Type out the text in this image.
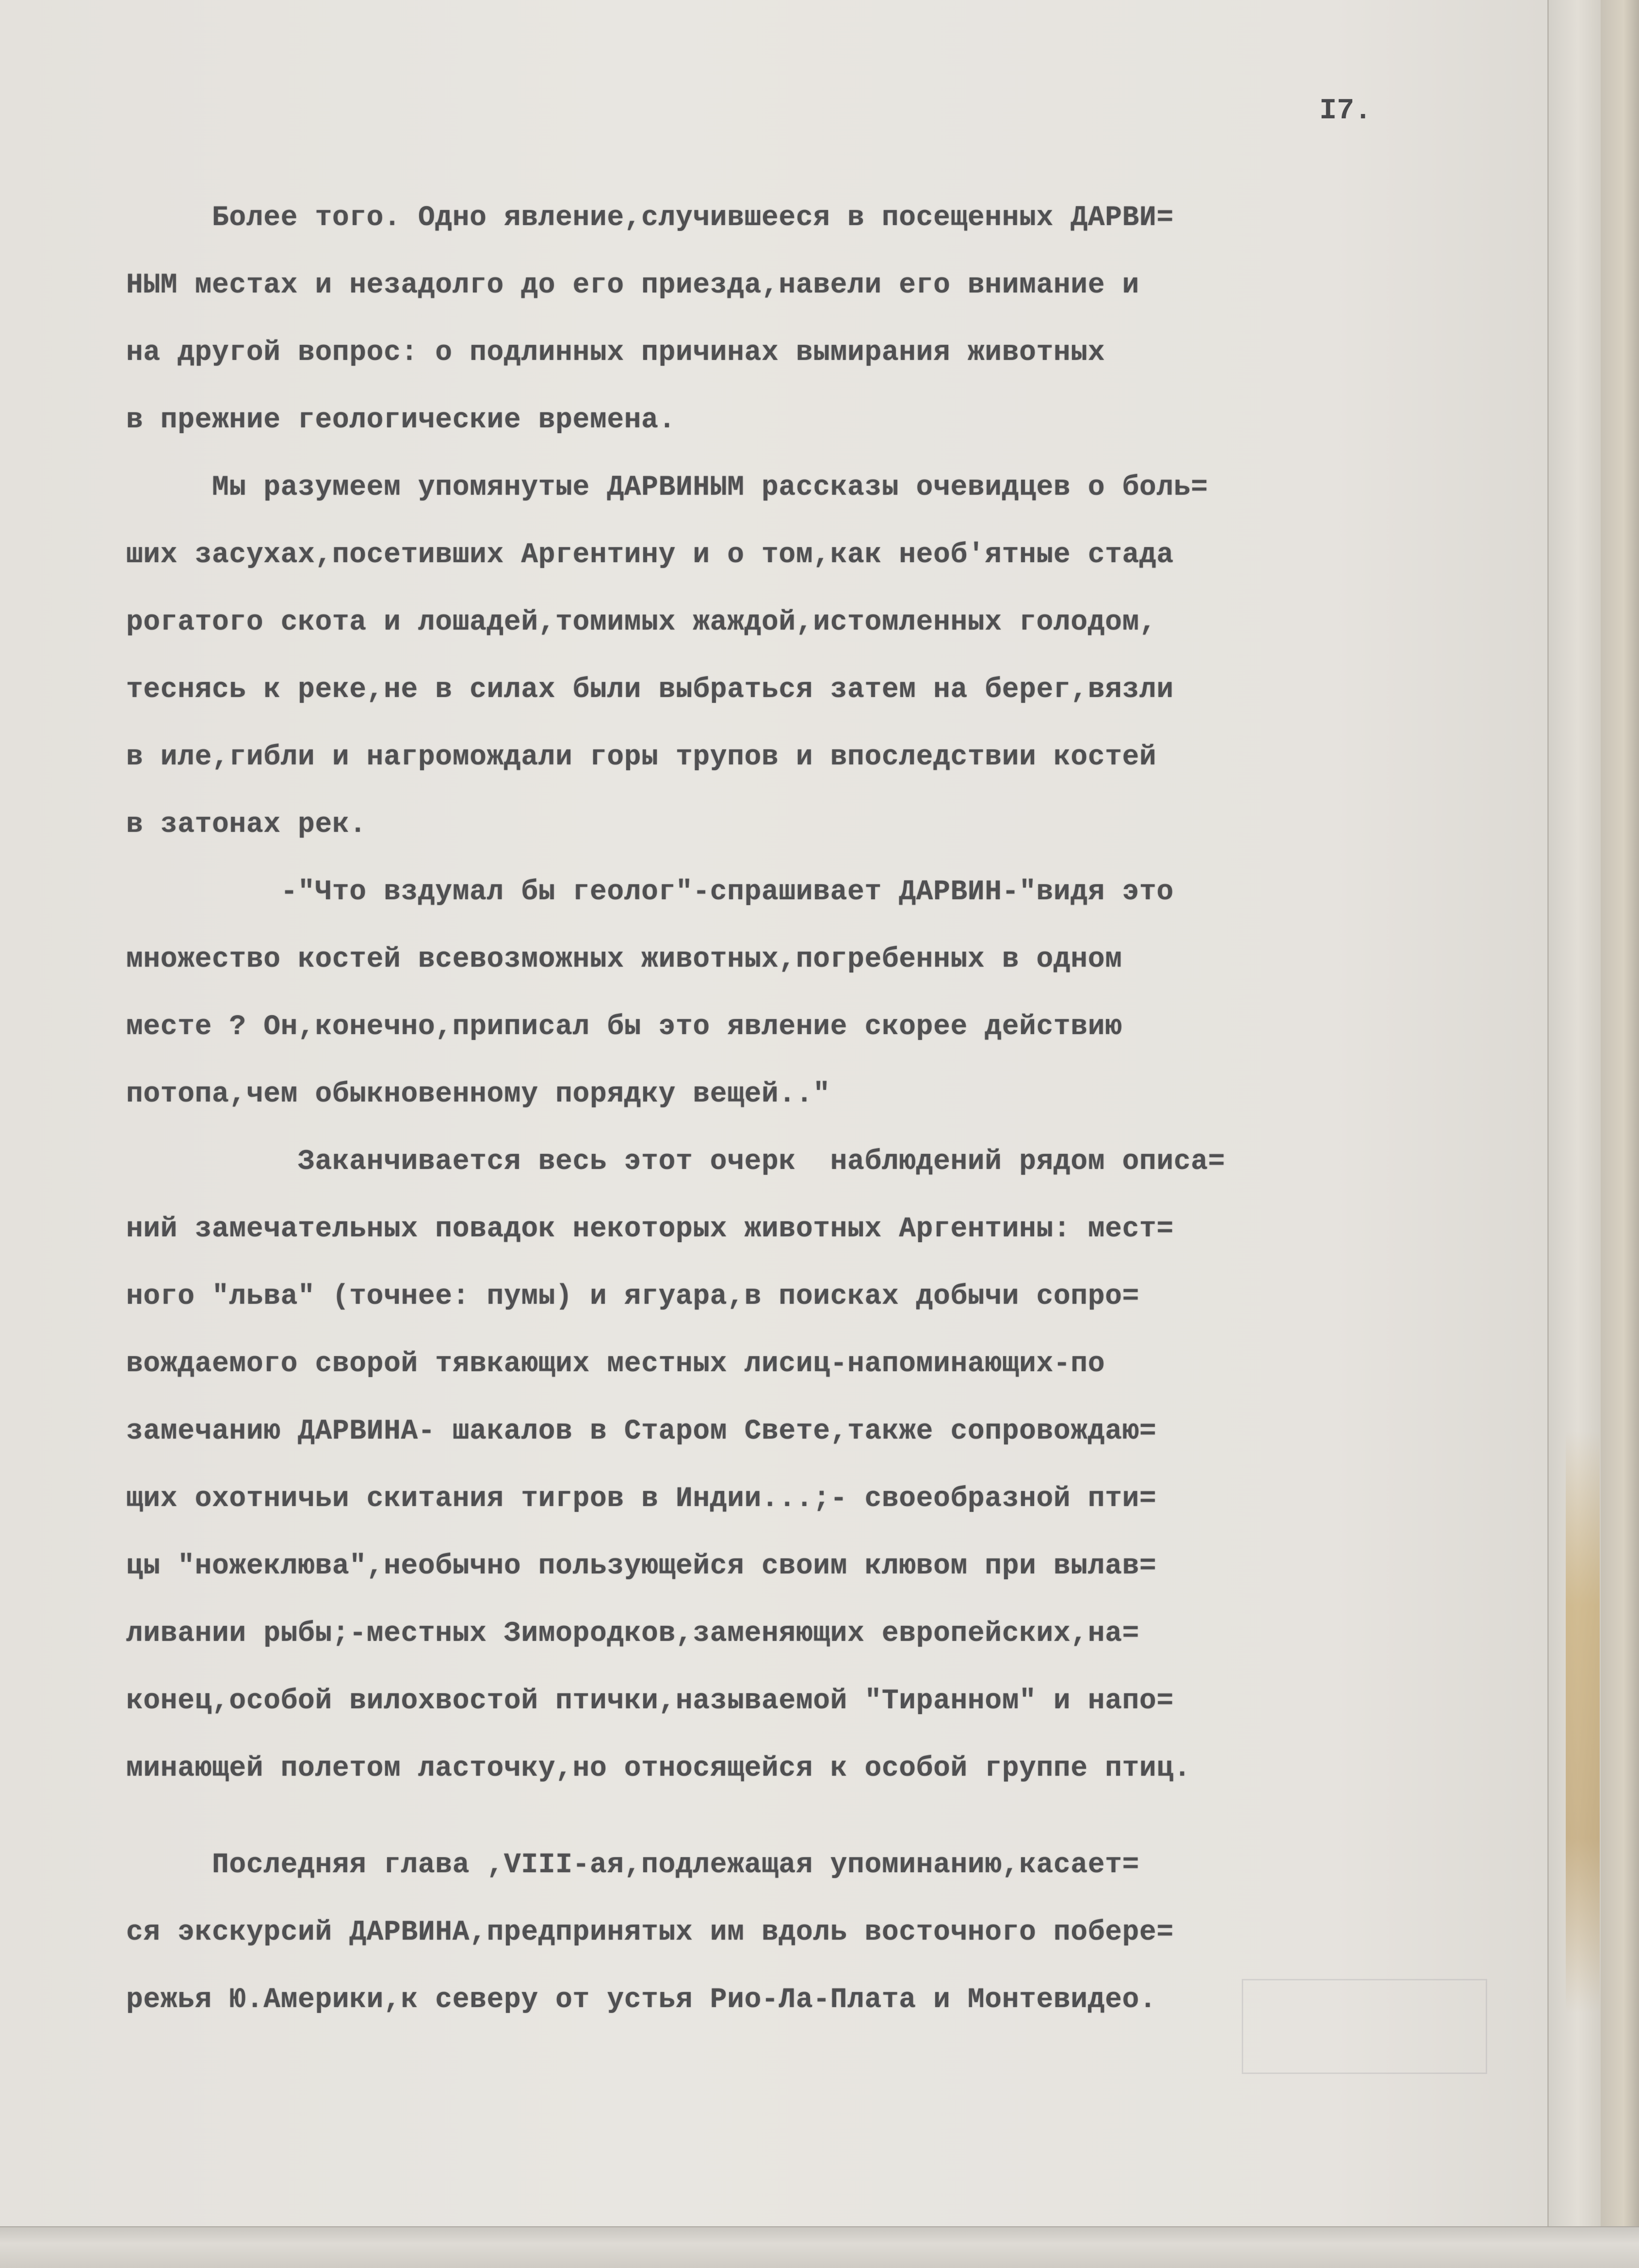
I7.

Более того. Одно явление,случившееся в посещенных ДАРВИ=

НЫМ местах и незадолго до его приезда,навели его внимание и

на другой вопрос: о подлинных причинах вымирания животных

в прежние геологические времена.

Мы разумеем упомянутые ДАРВИНЫМ рассказы очевидцев о боль=

ших засухах,посетивших Аргентину и о том,как необ'ятные стада

рогатого скота и лошадей,томимых жаждой,истомленных голодом,

теснясь к реке,не в силах были выбраться затем на берег,вязли

в иле,гибли и нагромождали горы трупов и впоследствии костей

в затонах рек.

-"Что вздумал бы геолог"-спрашивает ДАРВИН-"видя это

множество костей всевозможных животных,погребенных в одном

месте ? Он,конечно,приписал бы это явление скорее действию

потопа,чем обыкновенному порядку вещей.."

Заканчивается весь этот очерк  наблюдений рядом описа=

ний замечательных повадок некоторых животных Аргентины: мест=

ного "льва" (точнее: пумы) и ягуара,в поисках добычи сопро=

вождаемого сворой тявкающих местных лисиц-напоминающих-по

замечанию ДАРВИНА- шакалов в Старом Свете,также сопровождаю=

щих охотничьи скитания тигров в Индии...;- своеобразной пти=

цы "ножеклюва",необычно пользующейся своим клювом при вылав=

ливании рыбы;-местных Зимородков,заменяющих европейских,на=

конец,особой вилохвостой птички,называемой "Тиранном" и напо=

минающей полетом ласточку,но относящейся к особой группе птиц.

Последняя глава ,VIII-ая,подлежащая упоминанию,касает=

ся экскурсий ДАРВИНА,предпринятых им вдоль восточного побере=

режья Ю.Америки,к северу от устья Рио-Ла-Плата и Монтевидео.
